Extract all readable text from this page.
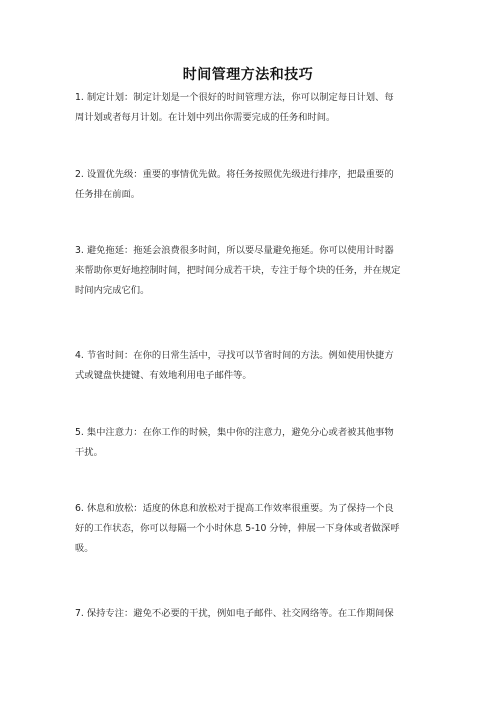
时间管理方法和技巧
1. 制定计划：制定计划是一个很好的时间管理方法，你可以制定每日计划、每
周计划或者每月计划。在计划中列出你需要完成的任务和时间。
2. 设置优先级：重要的事情优先做。将任务按照优先级进行排序，把最重要的
任务排在前面。
3. 避免拖延：拖延会浪费很多时间，所以要尽量避免拖延。你可以使用计时器
来帮助你更好地控制时间，把时间分成若干块，专注于每个块的任务，并在规定
时间内完成它们。
4. 节省时间：在你的日常生活中，寻找可以节省时间的方法。例如使用快捷方
式或键盘快捷键、有效地利用电子邮件等。
5. 集中注意力：在你工作的时候，集中你的注意力，避免分心或者被其他事物
干扰。
6. 休息和放松：适度的休息和放松对于提高工作效率很重要。为了保持一个良
好的工作状态，你可以每隔一个小时休息 5-10 分钟，伸展一下身体或者做深呼
吸。
7. 保持专注：避免不必要的干扰，例如电子邮件、社交网络等。在工作期间保
